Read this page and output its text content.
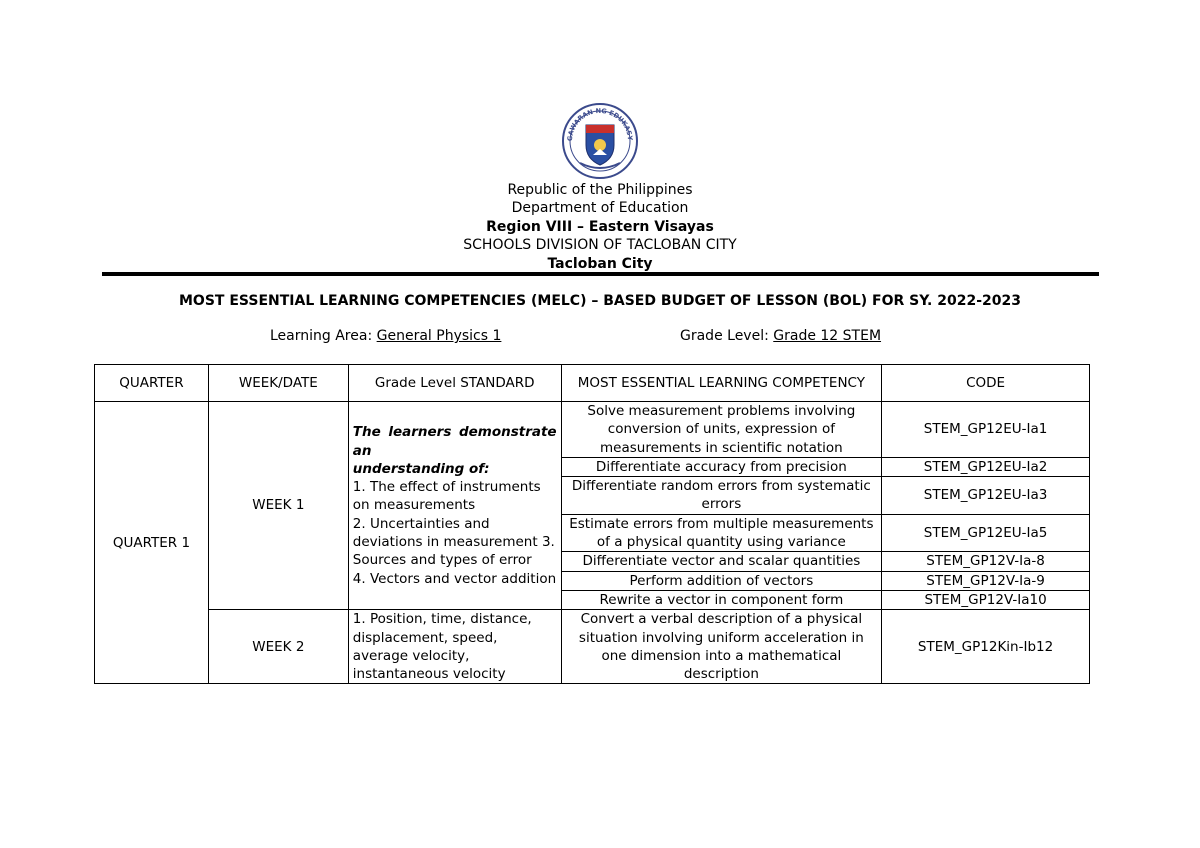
GAWARAN NG EDUKASY
Republic of the Philippines
Department of Education
Region VIII – Eastern Visayas
SCHOOLS DIVISION OF TACLOBAN CITY
Tacloban City
MOST ESSENTIAL LEARNING COMPETENCIES (MELC) – BASED BUDGET OF LESSON (BOL) FOR SY. 2022-2023
Learning Area: General Physics 1	Grade Level: Grade 12 STEM
QUARTER	WEEK/DATE	Grade Level STANDARD	MOST ESSENTIAL LEARNING COMPETENCY	CODE
QUARTER 1	WEEK 1	The learners demonstrate an
understanding of:
1. The effect of instruments on measurements
2. Uncertainties and deviations in measurement 3. Sources and types of error
4. Vectors and vector addition	Solve measurement problems involving conversion of units, expression of measurements in scientific notation	STEM_GP12EU-Ia1
			Differentiate accuracy from precision	STEM_GP12EU-Ia2
			Differentiate random errors from systematic errors	STEM_GP12EU-Ia3
			Estimate errors from multiple measurements of a physical quantity using variance	STEM_GP12EU-Ia5
			Differentiate vector and scalar quantities	STEM_GP12V-Ia-8
			Perform addition of vectors	STEM_GP12V-Ia-9
			Rewrite a vector in component form	STEM_GP12V-Ia10
	WEEK 2	1. Position, time, distance, displacement, speed, average velocity, instantaneous velocity	Convert a verbal description of a physical situation involving uniform acceleration in one dimension into a mathematical description	STEM_GP12Kin-Ib12
